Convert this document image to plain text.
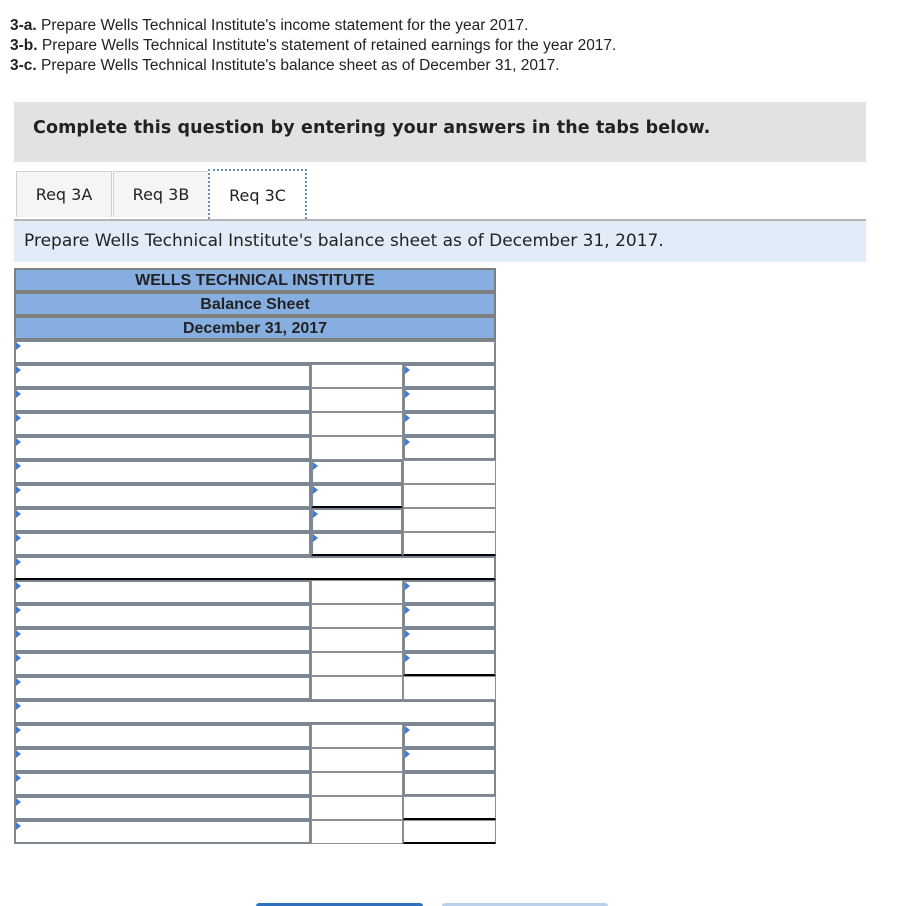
3-a. Prepare Wells Technical Institute's income statement for the year 2017.
3-b. Prepare Wells Technical Institute's statement of retained earnings for the year 2017.
3-c. Prepare Wells Technical Institute's balance sheet as of December 31, 2017.
Complete this question by entering your answers in the tabs below.
Req 3A	Req 3B	Req 3C
Prepare Wells Technical Institute's balance sheet as of December 31, 2017.
WELLS TECHNICAL INSTITUTE
Balance Sheet
December 31, 2017
